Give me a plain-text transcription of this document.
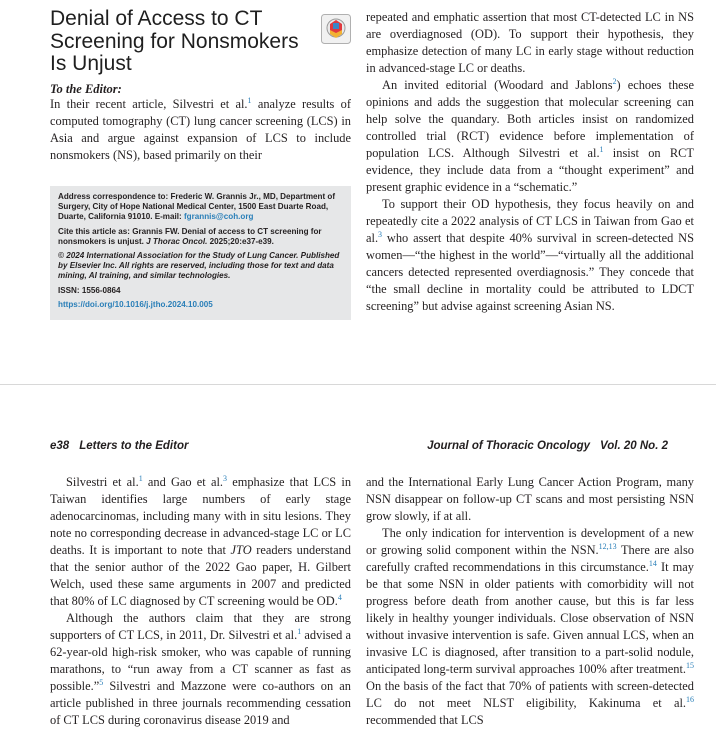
Denial of Access to CT Screening for Nonsmokers Is Unjust

To the Editor:

In their recent article, Silvestri et al.$^1$ analyze results of computed tomography (CT) lung cancer screening (LCS) in Asia and argue against expansion of LCS to include nonsmokers (NS), based primarily on their

Address correspondence to: Frederic W. Grannis Jr., MD, Department of Surgery, City of Hope National Medical Center, 1500 East Duarte Road, Duarte, California 91010. E-mail: fgrannis@coh.org

Cite this article as: Grannis FW. Denial of access to CT screening for nonsmokers is unjust. J Thorac Oncol. 2025;20:e37-e39.

© 2024 International Association for the Study of Lung Cancer. Published by Elsevier Inc. All rights are reserved, including those for text and data mining, AI training, and similar technologies.

ISSN: 1556-0864

https://doi.org/10.1016/j.jtho.2024.10.005

repeated and emphatic assertion that most CT-detected LC in NS are overdiagnosed (OD). To support their hypothesis, they emphasize detection of many LC in early stage without reduction in advanced-stage LC or deaths.

An invited editorial (Woodard and Jablons$^2$) echoes these opinions and adds the suggestion that molecular screening can help solve the quandary. Both articles insist on randomized controlled trial (RCT) evidence before implementation of population LCS. Although Silvestri et al.$^1$ insist on RCT evidence, they include data from a “thought experiment” and present graphic evidence in a “schematic.”

To support their OD hypothesis, they focus heavily on and repeatedly cite a 2022 analysis of CT LCS in Taiwan from Gao et al.$^3$ who assert that despite 40% survival in screen-detected NS women—“the highest in the world”—“virtually all the additional cancers detected represented overdiagnosis.” They concede that “the small decline in mortality could be attributed to LDCT screening” but advise against screening Asian NS.

e38 Letters to the Editor	Journal of Thoracic Oncology Vol. 20 No. 2

Silvestri et al.$^1$ and Gao et al.$^3$ emphasize that LCS in Taiwan identifies large numbers of early stage adenocarcinomas, including many with in situ lesions. They note no corresponding decrease in advanced-stage LC or LC deaths. It is important to note that JTO readers understand that the senior author of the 2022 Gao paper, H. Gilbert Welch, used these same arguments in 2007 and predicted that 80% of LC diagnosed by CT screening would be OD.$^4$

Although the authors claim that they are strong supporters of CT LCS, in 2011, Dr. Silvestri et al.$^1$ advised a 62-year-old high-risk smoker, who was capable of running marathons, to “run away from a CT scanner as fast as possible.”$^5$ Silvestri and Mazzone were co-authors on an article published in three journals recommending cessation of CT LCS during coronavirus disease 2019 and

and the International Early Lung Cancer Action Program, many NSN disappear on follow-up CT scans and most persisting NSN grow slowly, if at all.

The only indication for intervention is development of a new or growing solid component within the NSN.$^{12,13}$ There are also carefully crafted recommendations in this circumstance.$^{14}$ It may be that some NSN in older patients with comorbidity will not progress before death from another cause, but this is far less likely in healthy younger individuals. Close observation of NSN without invasive intervention is safe. Given annual LCS, when an invasive LC is diagnosed, after transition to a part-solid nodule, anticipated long-term survival approaches 100% after treatment.$^{15}$ On the basis of the fact that 70% of patients with screen-detected LC do not meet NLST eligibility, Kakinuma et al.$^{16}$ recommended that LCS
